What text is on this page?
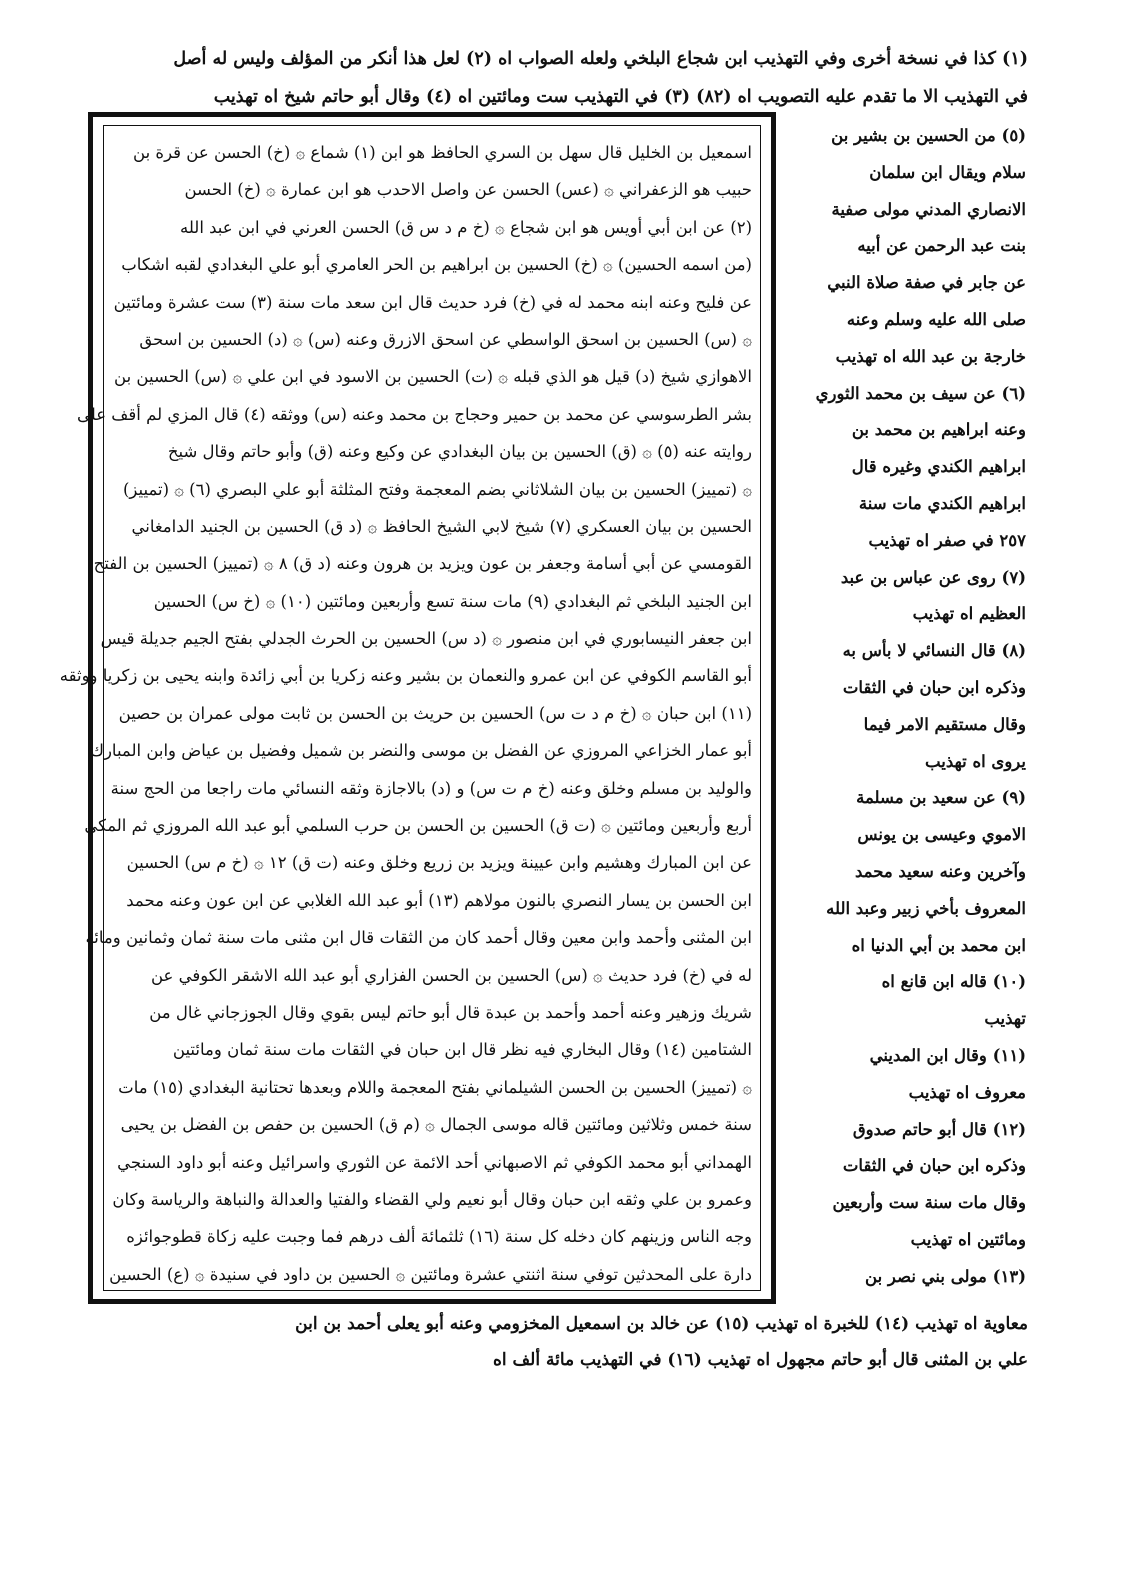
(١) كذا في نسخة أخرى وفي التهذيب ابن شجاع البلخي ولعله الصواب اه (٢) لعل هذا أنكر من المؤلف وليس له أصل
في التهذيب الا ما تقدم عليه التصويب اه (٨٢) (٣) في التهذيب ست ومائتين اه (٤) وقال أبو حاتم شيخ اه تهذيب
(٥) من الحسين بن بشير بن
سلام ويقال ابن سلمان
الانصاري المدني مولى صفية
بنت عبد الرحمن عن أبيه
عن جابر في صفة صلاة النبي
صلى الله عليه وسلم وعنه
خارجة بن عبد الله اه تهذيب
(٦) عن سيف بن محمد الثوري
وعنه ابراهيم بن محمد بن
ابراهيم الكندي وغيره قال
ابراهيم الكندي مات سنة
٢٥٧ في صفر اه تهذيب
(٧) روى عن عباس بن عبد
العظيم اه تهذيب
(٨) قال النسائي لا بأس به
وذكره ابن حبان في الثقات
وقال مستقيم الامر فيما
يروى اه تهذيب
(٩) عن سعيد بن مسلمة
الاموي وعيسى بن يونس
وآخرين وعنه سعيد محمد
المعروف بأخي زبير وعبد الله
ابن محمد بن أبي الدنيا اه
(١٠) قاله ابن قانع اه
تهذيب
(١١) وقال ابن المديني
معروف اه تهذيب
(١٢) قال أبو حاتم صدوق
وذكره ابن حبان في الثقات
وقال مات سنة ست وأربعين
ومائتين اه تهذيب
(١٣) مولى بني نصر بن
اسمعيل بن الخليل قال سهل بن السري الحافظ هو ابن (١) شماع ۞ (خ) الحسن عن قرة بن
حبيب هو الزعفراني ۞ (عس) الحسن عن واصل الاحدب هو ابن عمارة ۞ (خ) الحسن
(٢) عن ابن أبي أويس هو ابن شجاع ۞ (خ م د س ق) الحسن العرني في ابن عبد الله
(من اسمه الحسين) ۞ (خ) الحسين بن ابراهيم بن الحر العامري أبو علي البغدادي لقبه اشكاب
عن فليح وعنه ابنه محمد له في (خ) فرد حديث قال ابن سعد مات سنة (٣) ست عشرة ومائتين
۞ (س) الحسين بن اسحق الواسطي عن اسحق الازرق وعنه (س) ۞ (د) الحسين بن اسحق
الاهوازي شيخ (د) قيل هو الذي قبله ۞ (ت) الحسين بن الاسود في ابن علي ۞ (س) الحسين بن
بشر الطرسوسي عن محمد بن حمير وحجاج بن محمد وعنه (س) ووثقه (٤) قال المزي لم أقف على
روايته عنه (٥) ۞ (ق) الحسين بن بيان البغدادي عن وكيع وعنه (ق) وأبو حاتم وقال شيخ
۞ (تمييز) الحسين بن بيان الشلاثاني بضم المعجمة وفتح المثلثة أبو علي البصري (٦) ۞ (تمييز)
الحسين بن بيان العسكري (٧) شيخ لابي الشيخ الحافظ ۞ (د ق) الحسين بن الجنيد الدامغاني
القومسي عن أبي أسامة وجعفر بن عون ويزيد بن هرون وعنه (د ق) ٨ ۞ (تمييز) الحسين بن الفتح
ابن الجنيد البلخي ثم البغدادي (٩) مات سنة تسع وأربعين ومائتين (١٠) ۞ (خ س) الحسين
ابن جعفر النيسابوري في ابن منصور ۞ (د س) الحسين بن الحرث الجدلي بفتح الجيم جديلة قيس
أبو القاسم الكوفي عن ابن عمرو والنعمان بن بشير وعنه زكريا بن أبي زائدة وابنه يحيى بن زكريا ووثقه
(١١) ابن حبان ۞ (خ م د ت س) الحسين بن حريث بن الحسن بن ثابت مولى عمران بن حصين
أبو عمار الخزاعي المروزي عن الفضل بن موسى والنضر بن شميل وفضيل بن عياض وابن المبارك
والوليد بن مسلم وخلق وعنه (خ م ت س) و (د) بالاجازة وثقه النسائي مات راجعا من الحج سنة
أربع وأربعين ومائتين ۞ (ت ق) الحسين بن الحسن بن حرب السلمي أبو عبد الله المروزي ثم المكي
عن ابن المبارك وهشيم وابن عيينة ويزيد بن زريع وخلق وعنه (ت ق) ١٢ ۞ (خ م س) الحسين
ابن الحسن بن يسار النصري بالنون مولاهم (١٣) أبو عبد الله الغلابي عن ابن عون وعنه محمد
ابن المثنى وأحمد وابن معين وقال أحمد كان من الثقات قال ابن مثنى مات سنة ثمان وثمانين ومائة
له في (خ) فرد حديث ۞ (س) الحسين بن الحسن الفزاري أبو عبد الله الاشقر الكوفي عن
شريك وزهير وعنه أحمد وأحمد بن عبدة قال أبو حاتم ليس بقوي وقال الجوزجاني غال من
الشتامين (١٤) وقال البخاري فيه نظر قال ابن حبان في الثقات مات سنة ثمان ومائتين
۞ (تمييز) الحسين بن الحسن الشيلماني بفتح المعجمة واللام وبعدها تحتانية البغدادي (١٥) مات
سنة خمس وثلاثين ومائتين قاله موسى الجمال ۞ (م ق) الحسين بن حفص بن الفضل بن يحيى
الهمداني أبو محمد الكوفي ثم الاصبهاني أحد الائمة عن الثوري واسرائيل وعنه أبو داود السنجي
وعمرو بن علي وثقه ابن حبان وقال أبو نعيم ولي القضاء والفتيا والعدالة والنباهة والرياسة وكان
وجه الناس وزينهم كان دخله كل سنة (١٦) ثلثمائة ألف درهم فما وجبت عليه زكاة قطوجوائزه
دارة على المحدثين توفي سنة اثنتي عشرة ومائتين ۞ الحسين بن داود في سنيدة ۞ (ع) الحسين
معاوية اه تهذيب (١٤) للخبرة اه تهذيب (١٥) عن خالد بن اسمعيل المخزومي وعنه أبو يعلى أحمد بن ابن
علي بن المثنى قال أبو حاتم مجهول اه تهذيب (١٦) في التهذيب مائة ألف اه
